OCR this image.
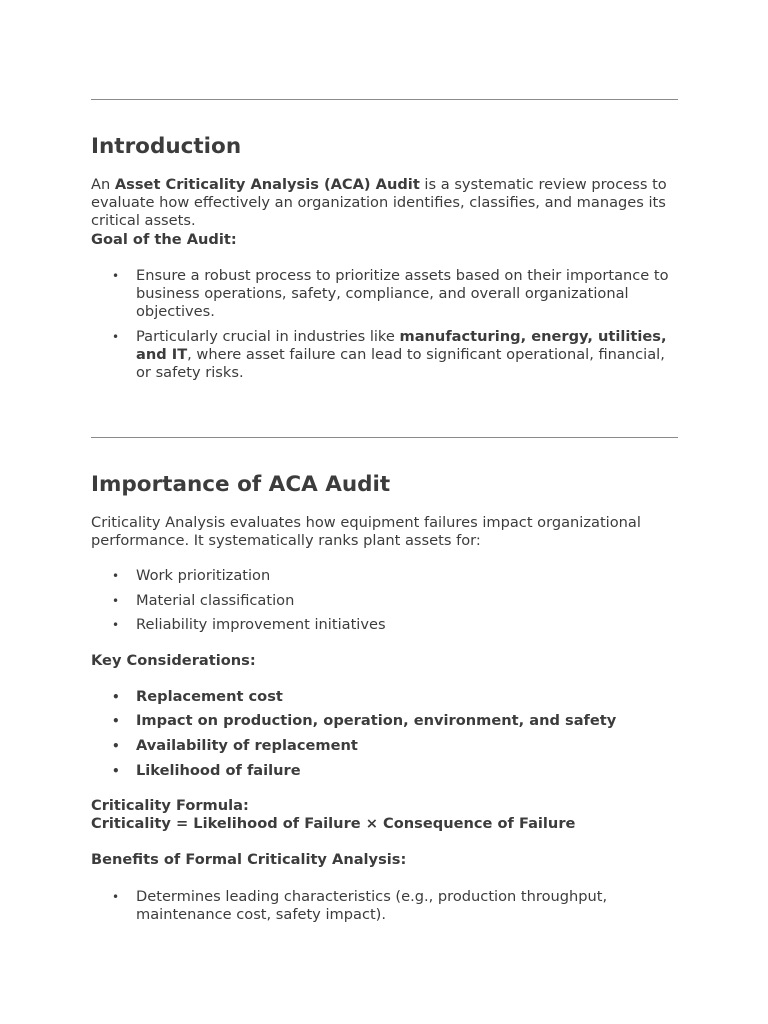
Introduction

An Asset Criticality Analysis (ACA) Audit is a systematic review process to evaluate how effectively an organization identifies, classifies, and manages its critical assets.

Goal of the Audit:

• Ensure a robust process to prioritize assets based on their importance to business operations, safety, compliance, and overall organizational objectives.
• Particularly crucial in industries like manufacturing, energy, utilities, and IT, where asset failure can lead to significant operational, financial, or safety risks.
Importance of ACA Audit

Criticality Analysis evaluates how equipment failures impact organizational performance. It systematically ranks plant assets for:

• Work prioritization
• Material classification
• Reliability improvement initiatives

Key Considerations:

• Replacement cost
• Impact on production, operation, environment, and safety
• Availability of replacement
• Likelihood of failure

Criticality Formula:

Criticality = Likelihood of Failure × Consequence of Failure

Benefits of Formal Criticality Analysis:

• Determines leading characteristics (e.g., production throughput, maintenance cost, safety impact).
